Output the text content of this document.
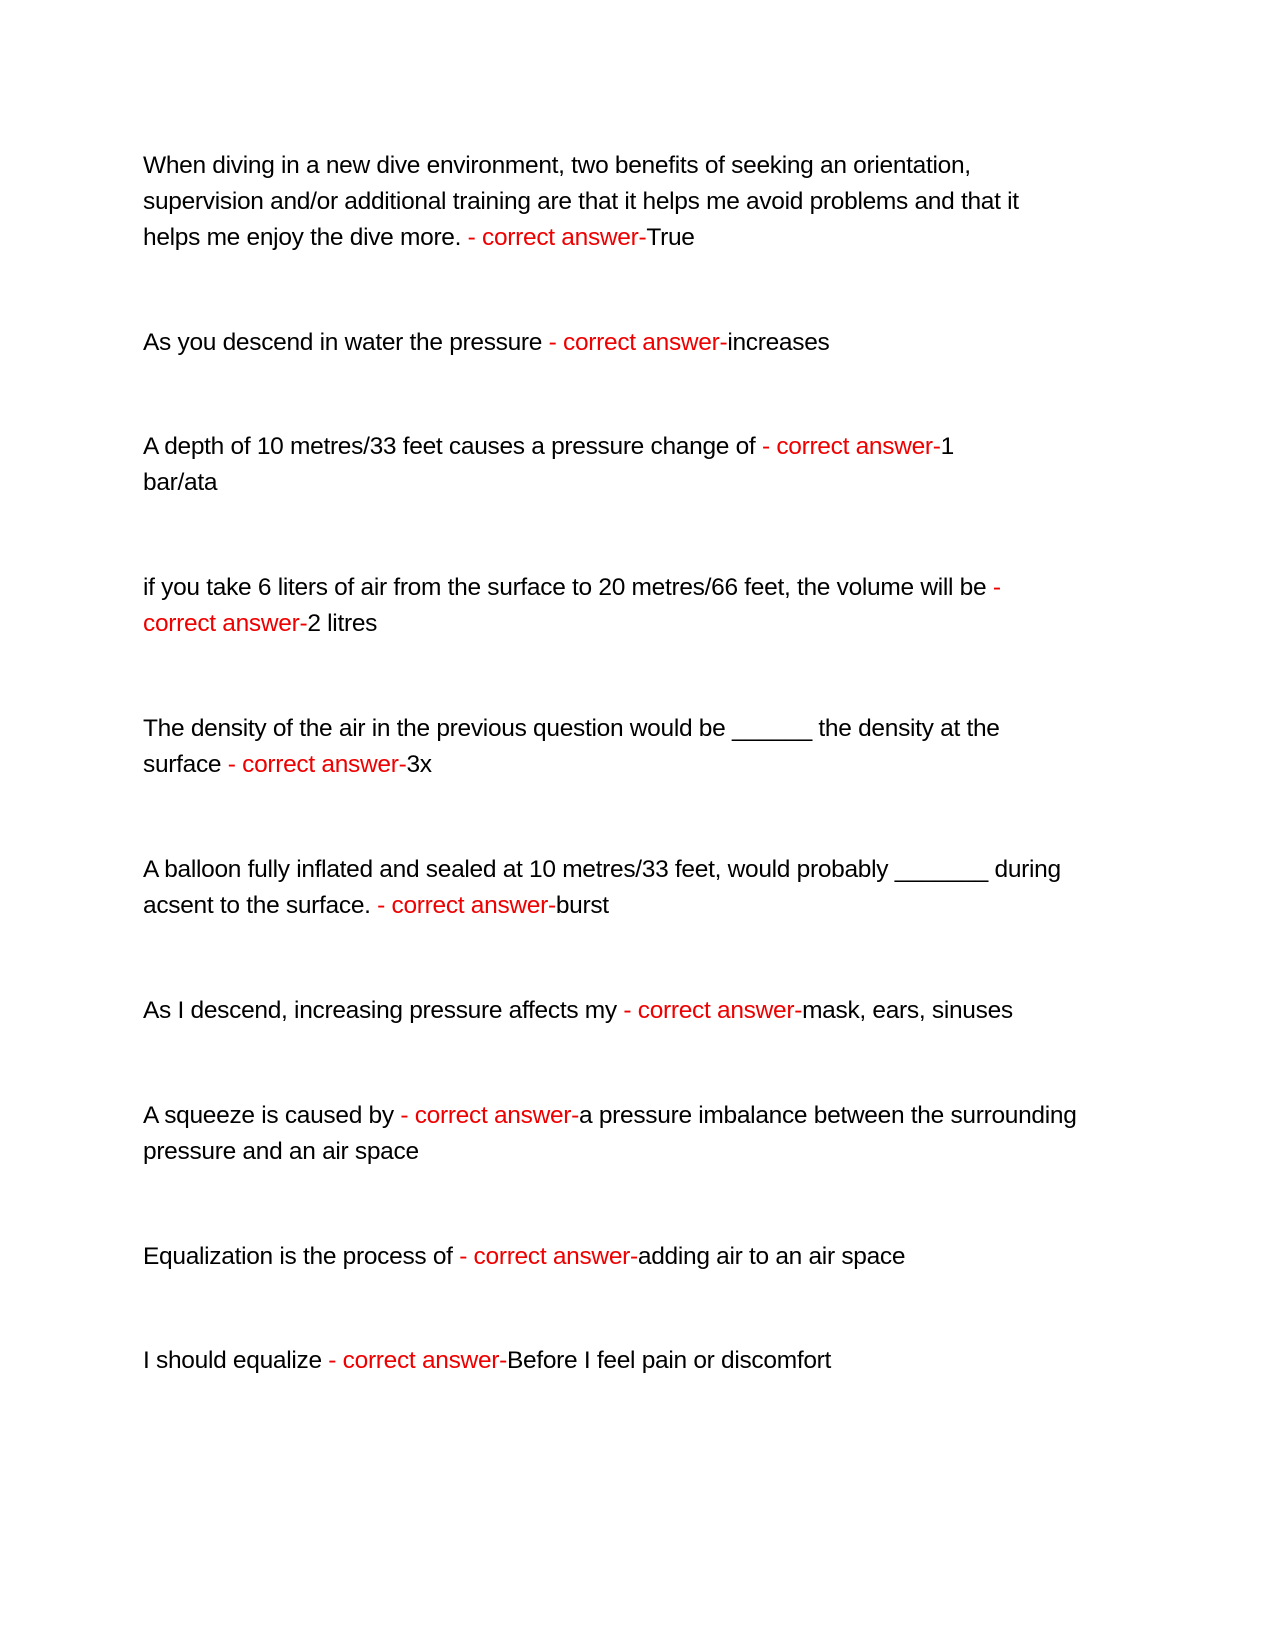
When diving in a new dive environment, two benefits of seeking an orientation, supervision and/or additional training are that it helps me avoid problems and that it helps me enjoy the dive more. - correct answer-True

As you descend in water the pressure - correct answer-increases

A depth of 10 metres/33 feet causes a pressure change of - correct answer-1 bar/ata

if you take 6 liters of air from the surface to 20 metres/66 feet, the volume will be - correct answer-2 litres

The density of the air in the previous question would be ______ the density at the surface - correct answer-3x

A balloon fully inflated and sealed at 10 metres/33 feet, would probably _______ during acsent to the surface. - correct answer-burst

As I descend, increasing pressure affects my - correct answer-mask, ears, sinuses

A squeeze is caused by - correct answer-a pressure imbalance between the surrounding pressure and an air space

Equalization is the process of - correct answer-adding air to an air space

I should equalize - correct answer-Before I feel pain or discomfort
